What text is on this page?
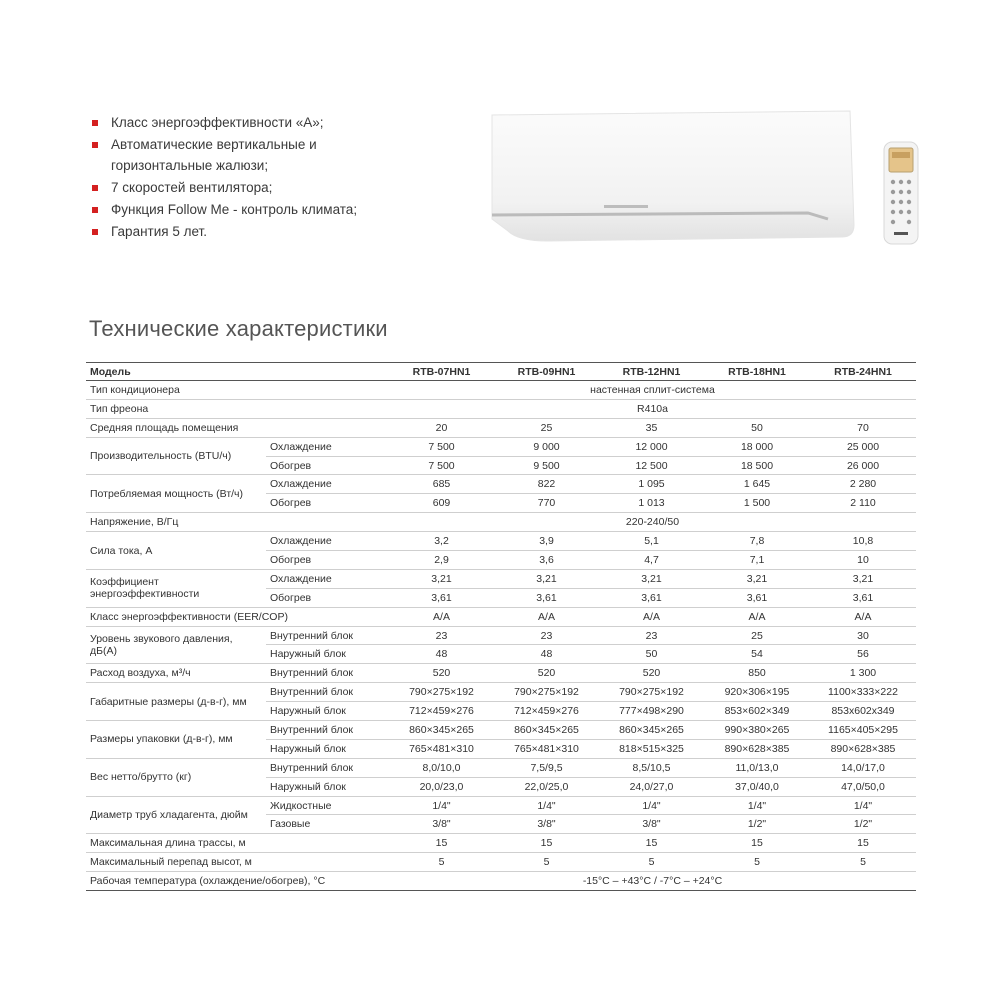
Класс энергоэффективности «А»;
Автоматические вертикальные и горизонтальные жалюзи;
7 скоростей вентилятора;
Функция Follow Me - контроль климата;
Гарантия 5 лет.
Технические характеристики
Модель		RTB-07HN1	RTB-09HN1	RTB-12HN1	RTB-18HN1	RTB-24HN1
Тип кондиционера		настенная сплит-система				
Тип фреона		R410a				
Средняя площадь помещения		20	25	35	50	70
Производительность (BTU/ч)	Охлаждение	7 500	9 000	12 000	18 000	25 000
	Обогрев	7 500	9 500	12 500	18 500	26 000
Потребляемая мощность (Вт/ч)	Охлаждение	685	822	1 095	1 645	2 280
	Обогрев	609	770	1 013	1 500	2 110
Напряжение, В/Гц		220-240/50				
Сила тока, А	Охлаждение	3,2	3,9	5,1	7,8	10,8
	Обогрев	2,9	3,6	4,7	7,1	10
Коэффициент энергоэффективности	Охлаждение	3,21	3,21	3,21	3,21	3,21
	Обогрев	3,61	3,61	3,61	3,61	3,61
Класс энергоэффективности (EER/COP)		A/A	A/A	A/A	A/A	A/A
Уровень звукового давления, дБ(А)	Внутренний блок	23	23	23	25	30
	Наружный блок	48	48	50	54	56
Расход воздуха, м³/ч	Внутренний блок	520	520	520	850	1 300
Габаритные размеры (д-в-г), мм	Внутренний блок	790×275×192	790×275×192	790×275×192	920×306×195	1100×333×222
	Наружный блок	712×459×276	712×459×276	777×498×290	853×602×349	853x602x349
Размеры упаковки (д-в-г), мм	Внутренний блок	860×345×265	860×345×265	860×345×265	990×380×265	1165×405×295
	Наружный блок	765×481×310	765×481×310	818×515×325	890×628×385	890×628×385
Вес нетто/брутто (кг)	Внутренний блок	8,0/10,0	7,5/9,5	8,5/10,5	11,0/13,0	14,0/17,0
	Наружный блок	20,0/23,0	22,0/25,0	24,0/27,0	37,0/40,0	47,0/50,0
Диаметр труб хладагента, дюйм	Жидкостные	1/4"	1/4"	1/4"	1/4"	1/4"
	Газовые	3/8"	3/8"	3/8"	1/2"	1/2"
Максимальная длина трассы, м		15	15	15	15	15
Максимальный перепад высот, м		5	5	5	5	5
Рабочая температура (охлаждение/обогрев), °С		-15°C – +43°C / -7°C – +24°C				
